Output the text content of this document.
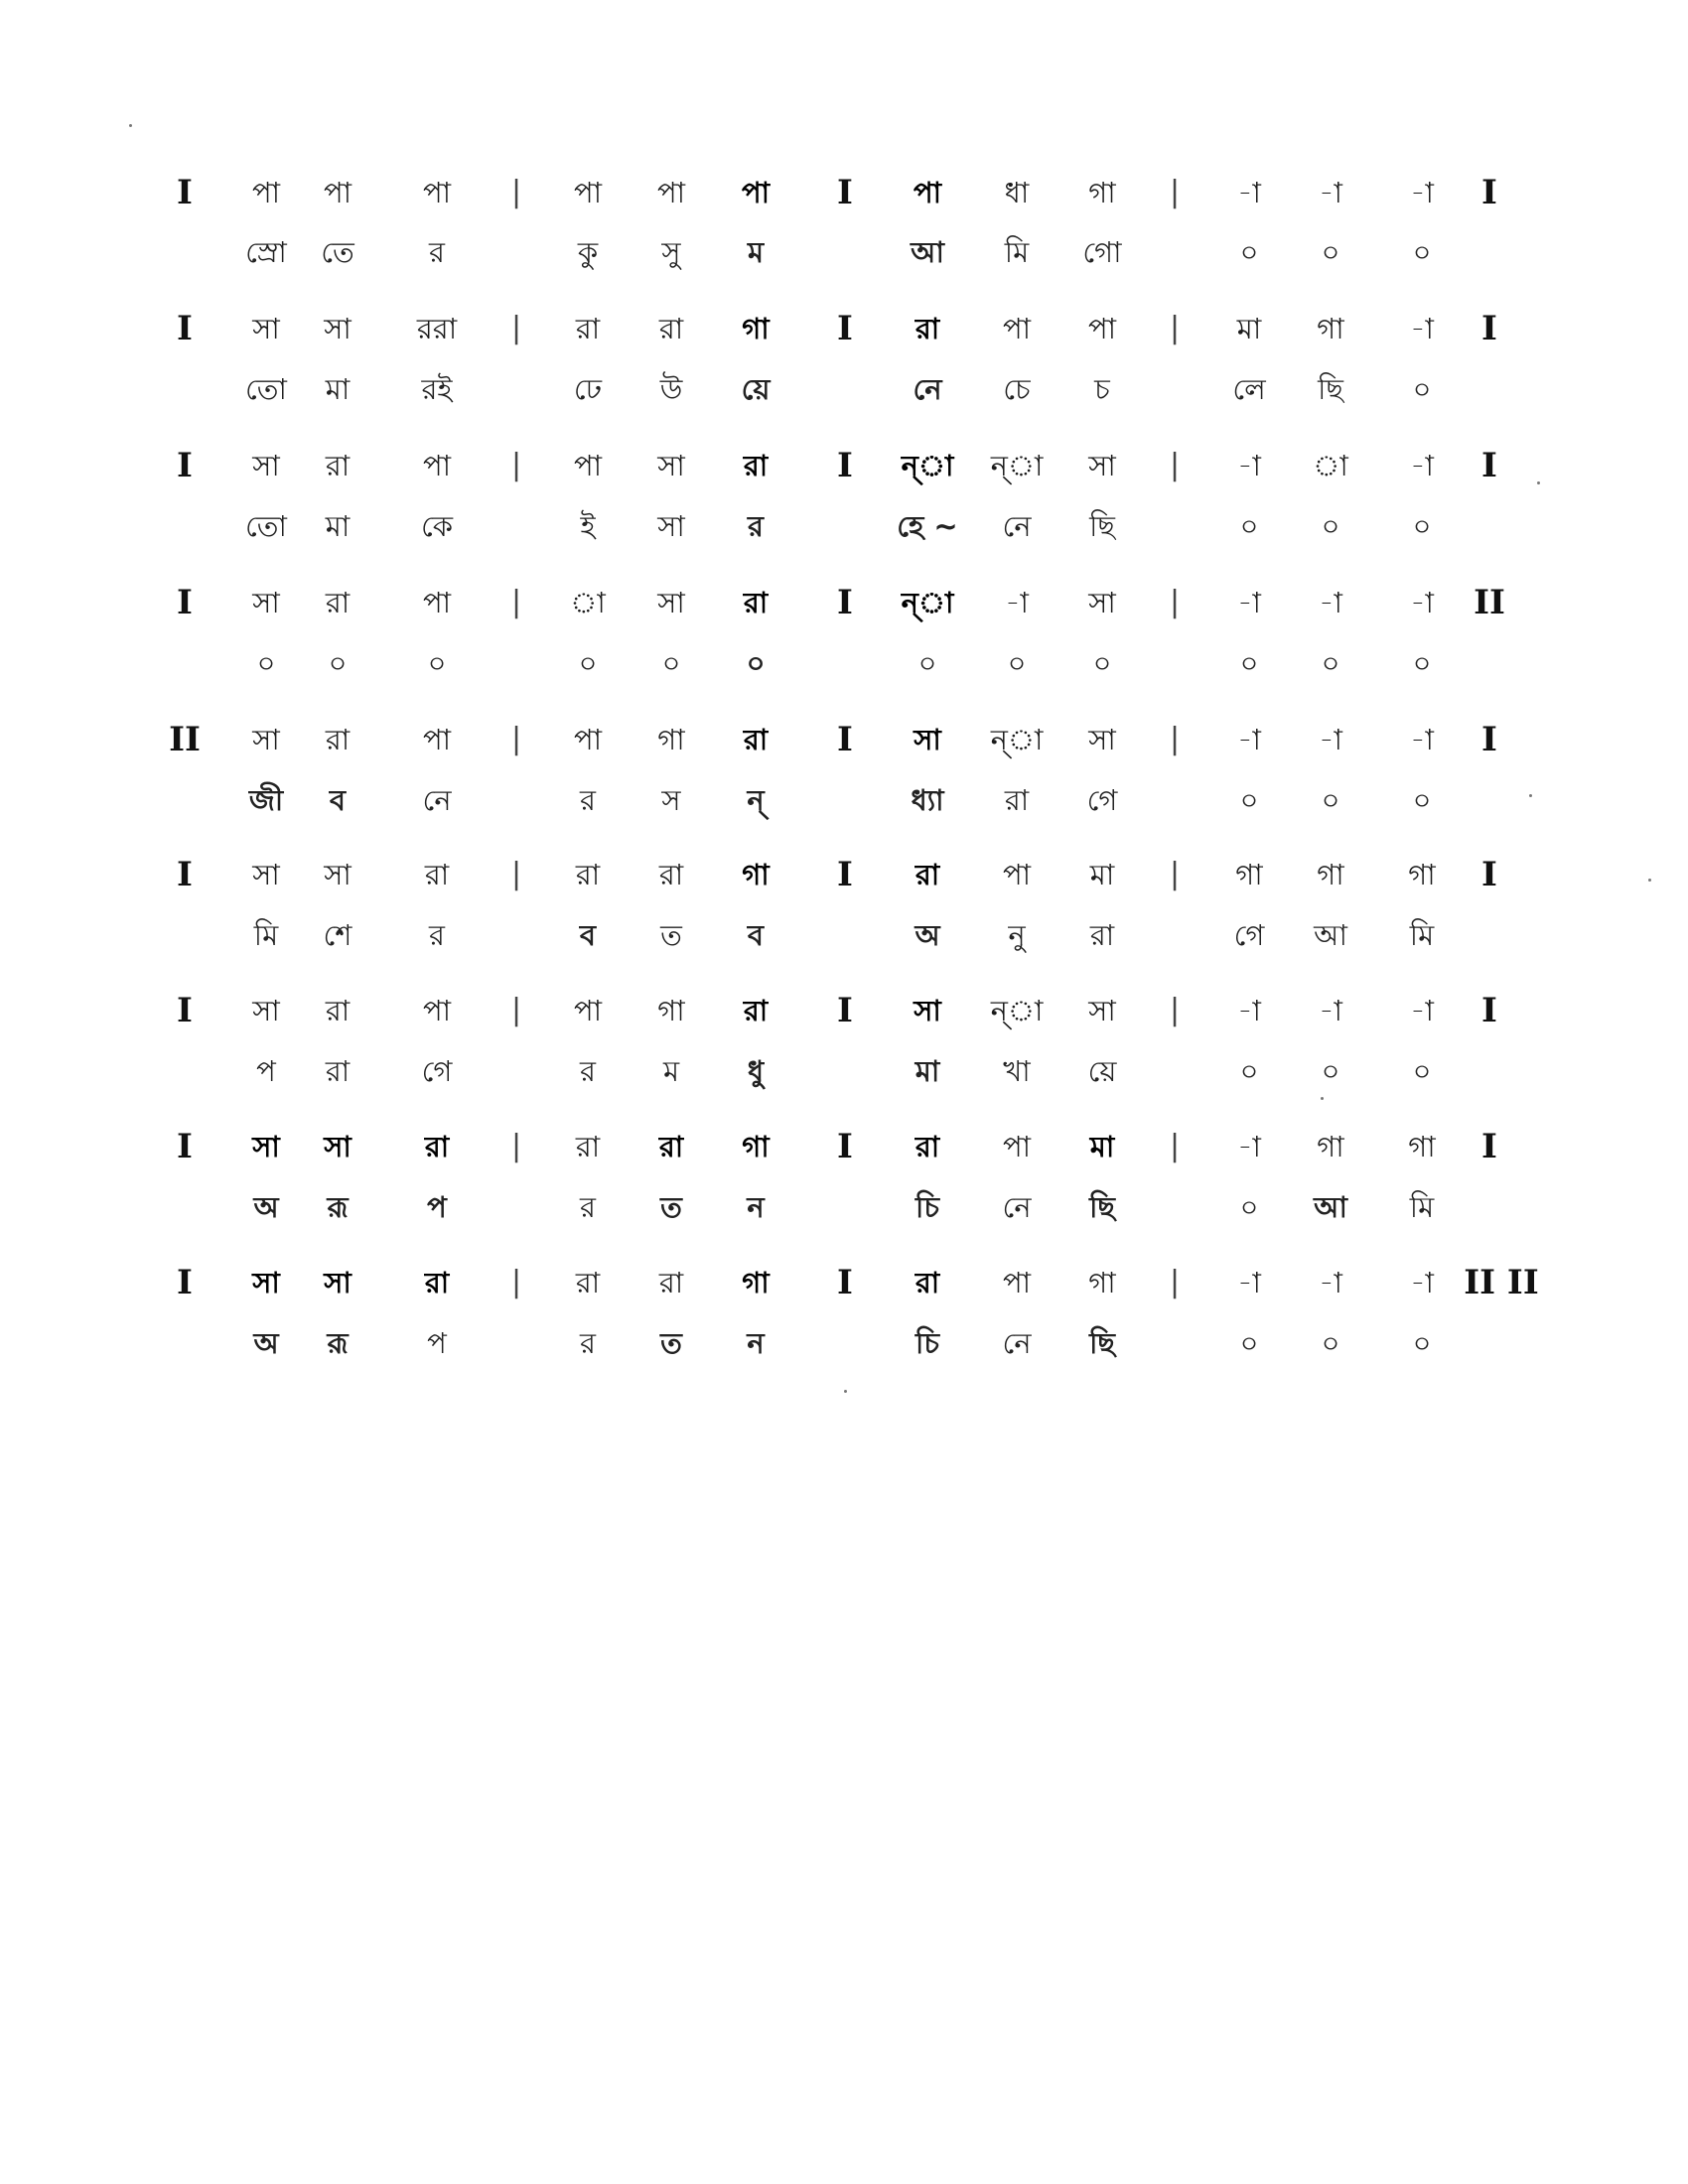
I পা পা পা | পা পা পা I পা ধা গা | -া -া -া I
স্রো তে	র	কু সু ম	আ মি গো	০ ০	০
I সা সা ররা | রা রা গা I রা পা পা | মা গা -া I
তো মা রই	ঢে উ য়ে	নে চে চ	লে ছি ০
I সা রা	পা | পা সা রা I ন্া ন্া সা | -া া -া I
তো মা কে	ই সা র	হে ~ নে ছি	০ ০	০
I সা রা	পা | া সা রা I ন্া -া সা | -া -া -া II
০ ০	০	০ ০ ০	০ ০ ০	০ ০	০
II সা রা	পা | পা গা রা I সা ন্া সা | -া -া -া I
জী ব	নে	র স ন্	ধ্যা রা গে	০ ০	০
I সা সা	রা | রা রা গা I রা পা মা | গা গা গা I
মি শে	র	ব ত ব	অ নু রা	গে আ মি
I সা রা	পা | পা গা রা I সা ন্া সা | -া -া -া I
প রা গে	র ম ধু	মা খা য়ে	০ ০	০
I সা সা	রা | রা রা গা I রা পা মা | -া গা গা I
অ রূ	প	র ত ন	চি নে ছি	০ আ মি
I সা সা	রা | রা রা গা I রা পা গা | -া -া -া II II
অ রূ	প	র ত ন	চি নে ছি	০ ০	০
